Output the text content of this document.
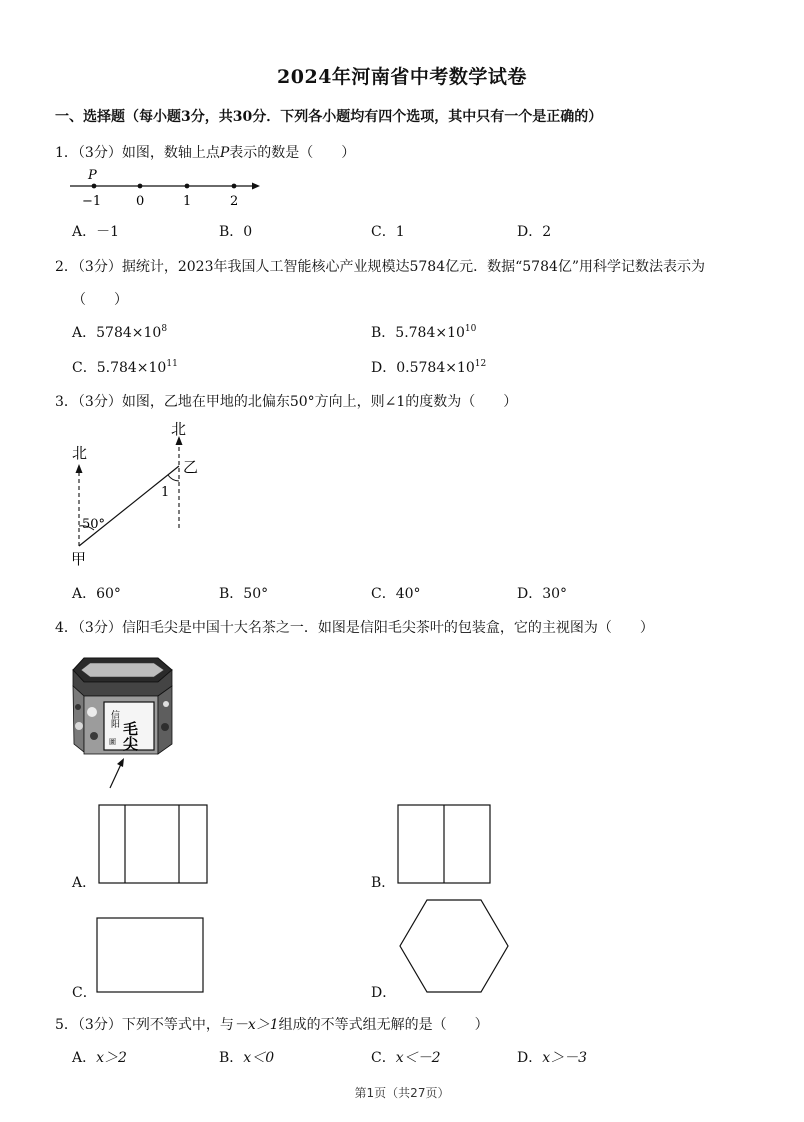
2024年河南省中考数学试卷
一、选择题（每小题3分，共30分．下列各小题均有四个选项，其中只有一个是正确的）
1．（3分）如图，数轴上点P表示的数是（　　）
P
−1	0	1	2
A．－1	B．0	C．1	D．2
2．（3分）据统计，2023年我国人工智能核心产业规模达5784亿元．数据“5784亿”用科学记数法表示为
（　　）
A．$5784\times 10^8$	B．$5.784\times 10^{10}$
C．$5.784\times 10^{11}$	D．$0.5784\times 10^{12}$
3．（3分）如图，乙地在甲地的北偏东50°方向上，则∠1的度数为（　　）
北
北
乙
1
50°
甲
A．60°	B．50°	C．40°	D．30°
4．（3分）信阳毛尖是中国十大名茶之一．如图是信阳毛尖茶叶的包装盒，它的主视图为（　　）
毛尖
信阳
圖
A．	B．
C．	D．
5．（3分）下列不等式中，与－x＞1组成的不等式组无解的是（　　）
A．x＞2	B．x＜0	C．x＜－2	D．x＞－3
第1页（共27页）
